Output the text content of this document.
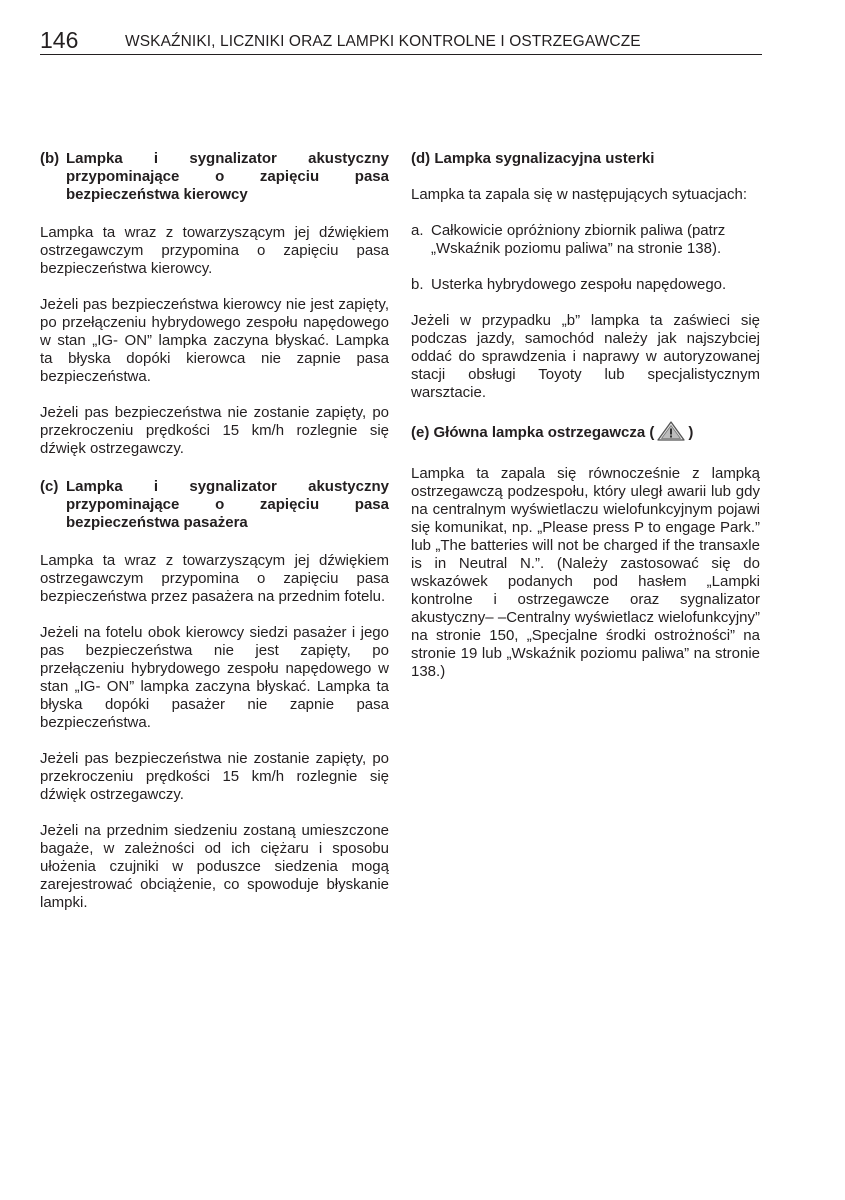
146	WSKAŹNIKI, LICZNIKI ORAZ LAMPKI KONTROLNE I OSTRZEGAWCZE
(b) Lampka i sygnalizator akustyczny przypominające o zapięciu pasa bezpieczeństwa kierowcy

Lampka ta wraz z towarzyszącym jej dźwiękiem ostrzegawczym przypomina o zapięciu pasa bezpieczeństwa kierowcy.

Jeżeli pas bezpieczeństwa kierowcy nie jest zapięty, po przełączeniu hybrydowego zespołu napędowego w stan „IG- ON” lampka zaczyna błyskać. Lampka ta błyska dopóki kierowca nie zapnie pasa bezpieczeństwa.

Jeżeli pas bezpieczeństwa nie zostanie zapięty, po przekroczeniu prędkości 15 km/h rozlegnie się dźwięk ostrzegawczy.

(c) Lampka i sygnalizator akustyczny przypominające o zapięciu pasa bezpieczeństwa pasażera

Lampka ta wraz z towarzyszącym jej dźwiękiem ostrzegawczym przypomina o zapięciu pasa bezpieczeństwa przez pasażera na przednim fotelu.

Jeżeli na fotelu obok kierowcy siedzi pasażer i jego pas bezpieczeństwa nie jest zapięty, po przełączeniu hybrydowego zespołu napędowego w stan „IG- ON” lampka zaczyna błyskać. Lampka ta błyska dopóki pasażer nie zapnie pasa bezpieczeństwa.

Jeżeli pas bezpieczeństwa nie zostanie zapięty, po przekroczeniu prędkości 15 km/h rozlegnie się dźwięk ostrzegawczy.

Jeżeli na przednim siedzeniu zostaną umieszczone bagaże, w zależności od ich ciężaru i sposobu ułożenia czujniki w poduszce siedzenia mogą zarejestrować obciążenie, co spowoduje błyskanie lampki.

(d) Lampka sygnalizacyjna usterki

Lampka ta zapala się w następujących sytuacjach:

a. Całkowicie opróżniony zbiornik paliwa (patrz „Wskaźnik poziomu paliwa” na stronie 138).
b. Usterka hybrydowego zespołu napędowego.

Jeżeli w przypadku „b” lampka ta zaświeci się podczas jazdy, samochód należy jak najszybciej oddać do sprawdzenia i naprawy w autoryzowanej stacji obsługi Toyoty lub specjalistycznym warsztacie.

(e) Główna lampka ostrzegawcza ( )

Lampka ta zapala się równocześnie z lampką ostrzegawczą podzespołu, który uległ awarii lub gdy na centralnym wyświetlaczu wielofunkcyjnym pojawi się komunikat, np. „Please press P to engage Park.” lub „The batteries will not be charged if the transaxle is in Neutral N.”. (Należy zastosować się do wskazówek podanych pod hasłem „Lampki kontrolne i ostrzegawcze oraz sygnalizator akustyczny– –Centralny wyświetlacz wielofunkcyjny” na stronie 150, „Specjalne środki ostrożności” na stronie 19 lub „Wskaźnik poziomu paliwa” na stronie 138.)
